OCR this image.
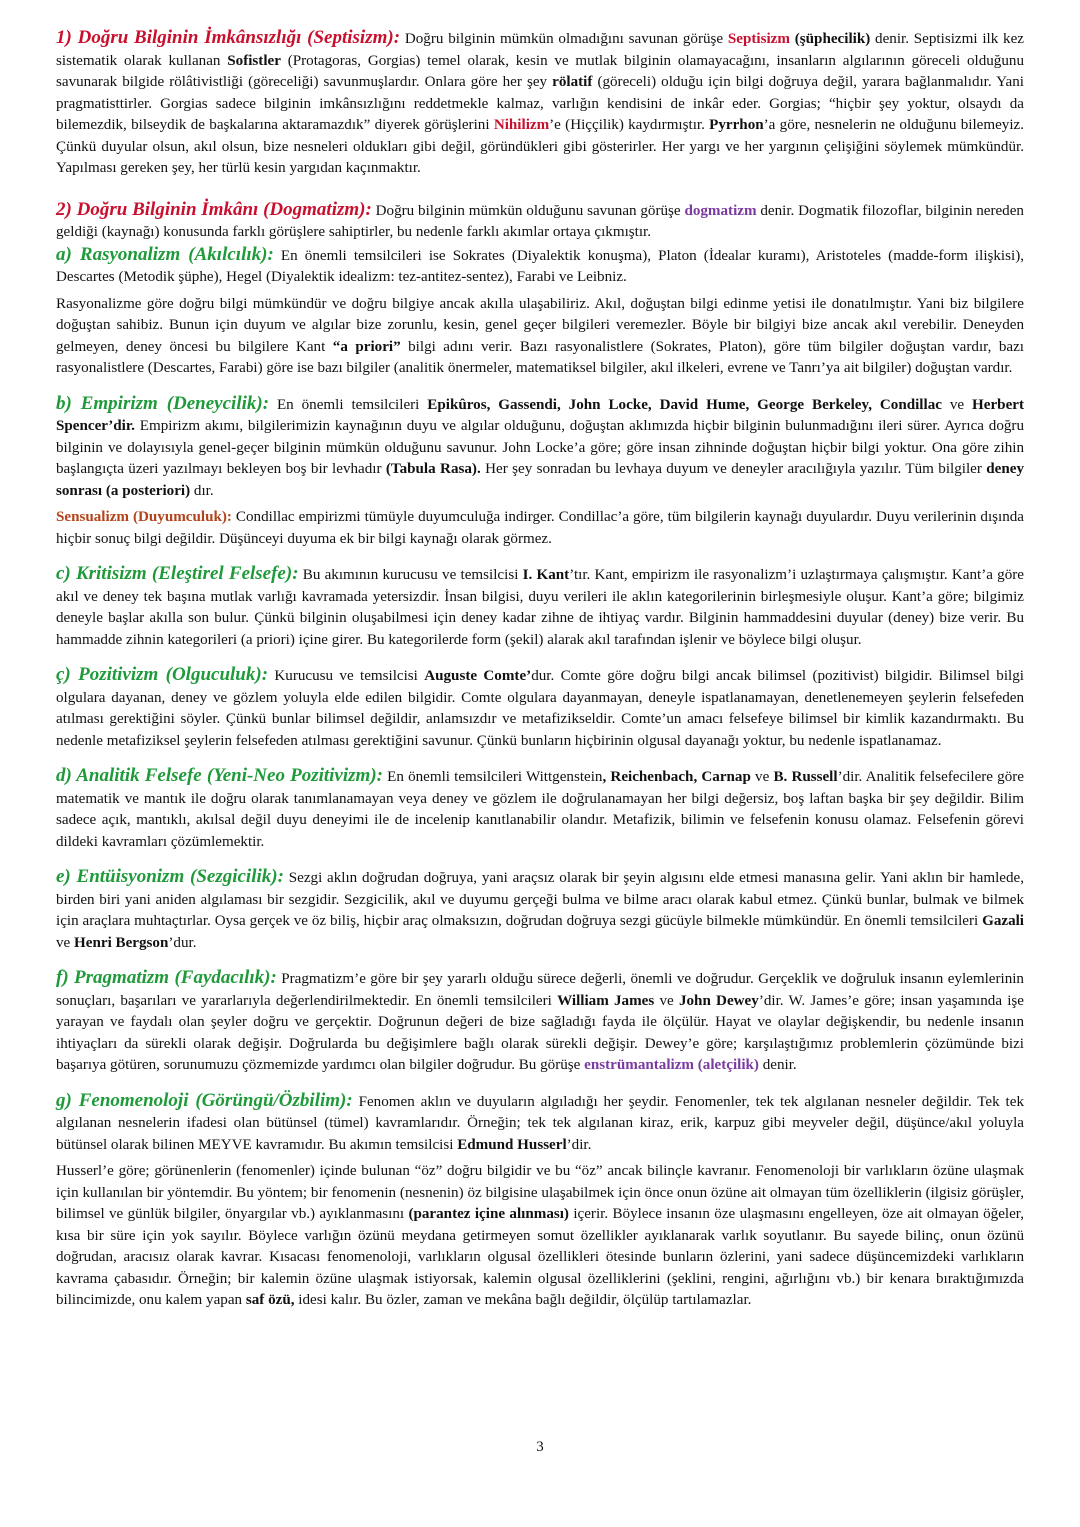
1) Doğru Bilginin İmkânsızlığı (Septisizm): Doğru bilginin mümkün olmadığını savunan görüşe Septisizm (şüphecilik) denir. Septisizmi ilk kez sistematik olarak kullanan Sofistler (Protagoras, Gorgias) temel olarak, kesin ve mutlak bilginin olamayacağını, insanların algılarının göreceli olduğunu savunarak bilgide rölâtivistliği (göreceliği) savunmuşlardır. Onlara göre her şey rölatif (göreceli) olduğu için bilgi doğruya değil, yarara bağlanmalıdır. Yani pragmatisttirler. Gorgias sadece bilginin imkânsızlığını reddetmekle kalmaz, varlığın kendisini de inkâr eder. Gorgias; “hiçbir şey yoktur, olsaydı da bilemezdik, bilseydik de başkalarına aktaramazdık” diyerek görüşlerini Nihilizm’e (Hiççilik) kaydırmıştır. Pyrrhon’a göre, nesnelerin ne olduğunu bilemeyiz. Çünkü duyular olsun, akıl olsun, bize nesneleri oldukları gibi değil, göründükleri gibi gösterirler. Her yargı ve her yargının çelişiğini söylemek mümkündür. Yapılması gereken şey, her türlü kesin yargıdan kaçınmaktır.

2) Doğru Bilginin İmkânı (Dogmatizm): Doğru bilginin mümkün olduğunu savunan görüşe dogmatizm denir. Dogmatik filozoflar, bilginin nereden geldiği (kaynağı) konusunda farklı görüşlere sahiptirler, bu nedenle farklı akımlar ortaya çıkmıştır.

a) Rasyonalizm (Akılcılık): En önemli temsilcileri ise Sokrates (Diyalektik konuşma), Platon (İdealar kuramı), Aristoteles (madde-form ilişkisi), Descartes (Metodik şüphe), Hegel (Diyalektik idealizm: tez-antitez-sentez), Farabi ve Leibniz.

Rasyonalizme göre doğru bilgi mümkündür ve doğru bilgiye ancak akılla ulaşabiliriz. Akıl, doğuştan bilgi edinme yetisi ile donatılmıştır. Yani biz bilgilere doğuştan sahibiz. Bunun için duyum ve algılar bize zorunlu, kesin, genel geçer bilgileri veremezler. Böyle bir bilgiyi bize ancak akıl verebilir. Deneyden gelmeyen, deney öncesi bu bilgilere Kant “a priori” bilgi adını verir. Bazı rasyonalistlere (Sokrates, Platon), göre tüm bilgiler doğuştan vardır, bazı rasyonalistlere (Descartes, Farabi) göre ise bazı bilgiler (analitik önermeler, matematiksel bilgiler, akıl ilkeleri, evrene ve Tanrı’ya ait bilgiler) doğuştan vardır.

b) Empirizm (Deneycilik): En önemli temsilcileri Epikûros, Gassendi, John Locke, David Hume, George Berkeley, Condillac ve Herbert Spencer’dir. Empirizm akımı, bilgilerimizin kaynağının duyu ve algılar olduğunu, doğuştan aklımızda hiçbir bilginin bulunmadığını ileri sürer. Ayrıca doğru bilginin ve dolayısıyla genel-geçer bilginin mümkün olduğunu savunur. John Locke’a göre; göre insan zihninde doğuştan hiçbir bilgi yoktur. Ona göre zihin başlangıçta üzeri yazılmayı bekleyen boş bir levhadır (Tabula Rasa). Her şey sonradan bu levhaya duyum ve deneyler aracılığıyla yazılır. Tüm bilgiler deney sonrası (a posteriori) dır.

Sensualizm (Duyumculuk): Condillac empirizmi tümüyle duyumculuğa indirger. Condillac’a göre, tüm bilgilerin kaynağı duyulardır. Duyu verilerinin dışında hiçbir sonuç bilgi değildir. Düşünceyi duyuma ek bir bilgi kaynağı olarak görmez.

c) Kritisizm (Eleştirel Felsefe): Bu akımının kurucusu ve temsilcisi I. Kant’tır. Kant, empirizm ile rasyonalizm’i uzlaştırmaya çalışmıştır. Kant’a göre akıl ve deney tek başına mutlak varlığı kavramada yetersizdir. İnsan bilgisi, duyu verileri ile aklın kategorilerinin birleşmesiyle oluşur. Kant’a göre; bilgimiz deneyle başlar akılla son bulur. Çünkü bilginin oluşabilmesi için deney kadar zihne de ihtiyaç vardır. Bilginin hammaddesini duyular (deney) bize verir. Bu hammadde zihnin kategorileri (a priori) içine girer. Bu kategorilerde form (şekil) alarak akıl tarafından işlenir ve böylece bilgi oluşur.

ç) Pozitivizm (Olguculuk): Kurucusu ve temsilcisi Auguste Comte’dur. Comte göre doğru bilgi ancak bilimsel (pozitivist) bilgidir. Bilimsel bilgi olgulara dayanan, deney ve gözlem yoluyla elde edilen bilgidir. Comte olgulara dayanmayan, deneyle ispatlanamayan, denetlenemeyen şeylerin felsefeden atılması gerektiğini söyler. Çünkü bunlar bilimsel değildir, anlamsızdır ve metafizikseldir. Comte’un amacı felsefeye bilimsel bir kimlik kazandırmaktı. Bu nedenle metafiziksel şeylerin felsefeden atılması gerektiğini savunur. Çünkü bunların hiçbirinin olgusal dayanağı yoktur, bu nedenle ispatlanamaz.

d) Analitik Felsefe (Yeni-Neo Pozitivizm): En önemli temsilcileri Wittgenstein, Reichenbach, Carnap ve B. Russell’dir. Analitik felsefecilere göre matematik ve mantık ile doğru olarak tanımlanamayan veya deney ve gözlem ile doğrulanamayan her bilgi değersiz, boş laftan başka bir şey değildir. Bilim sadece açık, mantıklı, akılsal değil duyu deneyimi ile de incelenip kanıtlanabilir olandır. Metafizik, bilimin ve felsefenin konusu olamaz. Felsefenin görevi dildeki kavramları çözümlemektir.

e) Entüisyonizm (Sezgicilik): Sezgi aklın doğrudan doğruya, yani araçsız olarak bir şeyin algısını elde etmesi manasına gelir. Yani aklın bir hamlede, birden biri yani aniden algılaması bir sezgidir. Sezgicilik, akıl ve duyumu gerçeği bulma ve bilme aracı olarak kabul etmez. Çünkü bunlar, bulmak ve bilmek için araçlara muhtaçtırlar. Oysa gerçek ve öz biliş, hiçbir araç olmaksızın, doğrudan doğruya sezgi gücüyle bilmekle mümkündür. En önemli temsilcileri Gazali ve Henri Bergson’dur.

f) Pragmatizm (Faydacılık): Pragmatizm’e göre bir şey yararlı olduğu sürece değerli, önemli ve doğrudur. Gerçeklik ve doğruluk insanın eylemlerinin sonuçları, başarıları ve yararlarıyla değerlendirilmektedir. En önemli temsilcileri William James ve John Dewey’dir. W. James’e göre; insan yaşamında işe yarayan ve faydalı olan şeyler doğru ve gerçektir. Doğrunun değeri de bize sağladığı fayda ile ölçülür. Hayat ve olaylar değişkendir, bu nedenle insanın ihtiyaçları da sürekli olarak değişir. Doğrularda bu değişimlere bağlı olarak sürekli değişir. Dewey’e göre; karşılaştığımız problemlerin çözümünde bizi başarıya götüren, sorunumuzu çözmemizde yardımcı olan bilgiler doğrudur. Bu görüşe enstrümantalizm (aletçilik) denir.

g) Fenomenoloji (Görüngü/Özbilim): Fenomen aklın ve duyuların algıladığı her şeydir. Fenomenler, tek tek algılanan nesneler değildir. Tek tek algılanan nesnelerin ifadesi olan bütünsel (tümel) kavramlarıdır. Örneğin; tek tek algılanan kiraz, erik, karpuz gibi meyveler değil, düşünce/akıl yoluyla bütünsel olarak bilinen MEYVE kavramıdır. Bu akımın temsilcisi Edmund Husserl’dir.

Husserl’e göre; görünenlerin (fenomenler) içinde bulunan “öz” doğru bilgidir ve bu “öz” ancak bilinçle kavranır. Fenomenoloji bir varlıkların özüne ulaşmak için kullanılan bir yöntemdir. Bu yöntem; bir fenomenin (nesnenin) öz bilgisine ulaşabilmek için önce onun özüne ait olmayan tüm özelliklerin (ilgisiz görüşler, bilimsel ve günlük bilgiler, önyargılar vb.) ayıklanmasını (parantez içine alınması) içerir. Böylece insanın öze ulaşmasını engelleyen, öze ait olmayan öğeler, kısa bir süre için yok sayılır. Böylece varlığın özünü meydana getirmeyen somut özellikler ayıklanarak varlık soyutlanır. Bu sayede bilinç, onun özünü doğrudan, aracısız olarak kavrar. Kısacası fenomenoloji, varlıkların olgusal özellikleri ötesinde bunların özlerini, yani sadece düşüncemizdeki varlıkların kavrama çabasıdır. Örneğin; bir kalemin özüne ulaşmak istiyorsak, kalemin olgusal özelliklerini (şeklini, rengini, ağırlığını vb.) bir kenara bıraktığımızda bilincimizde, onu kalem yapan saf özü, idesi kalır. Bu özler, zaman ve mekâna bağlı değildir, ölçülüp tartılamazlar.

3
